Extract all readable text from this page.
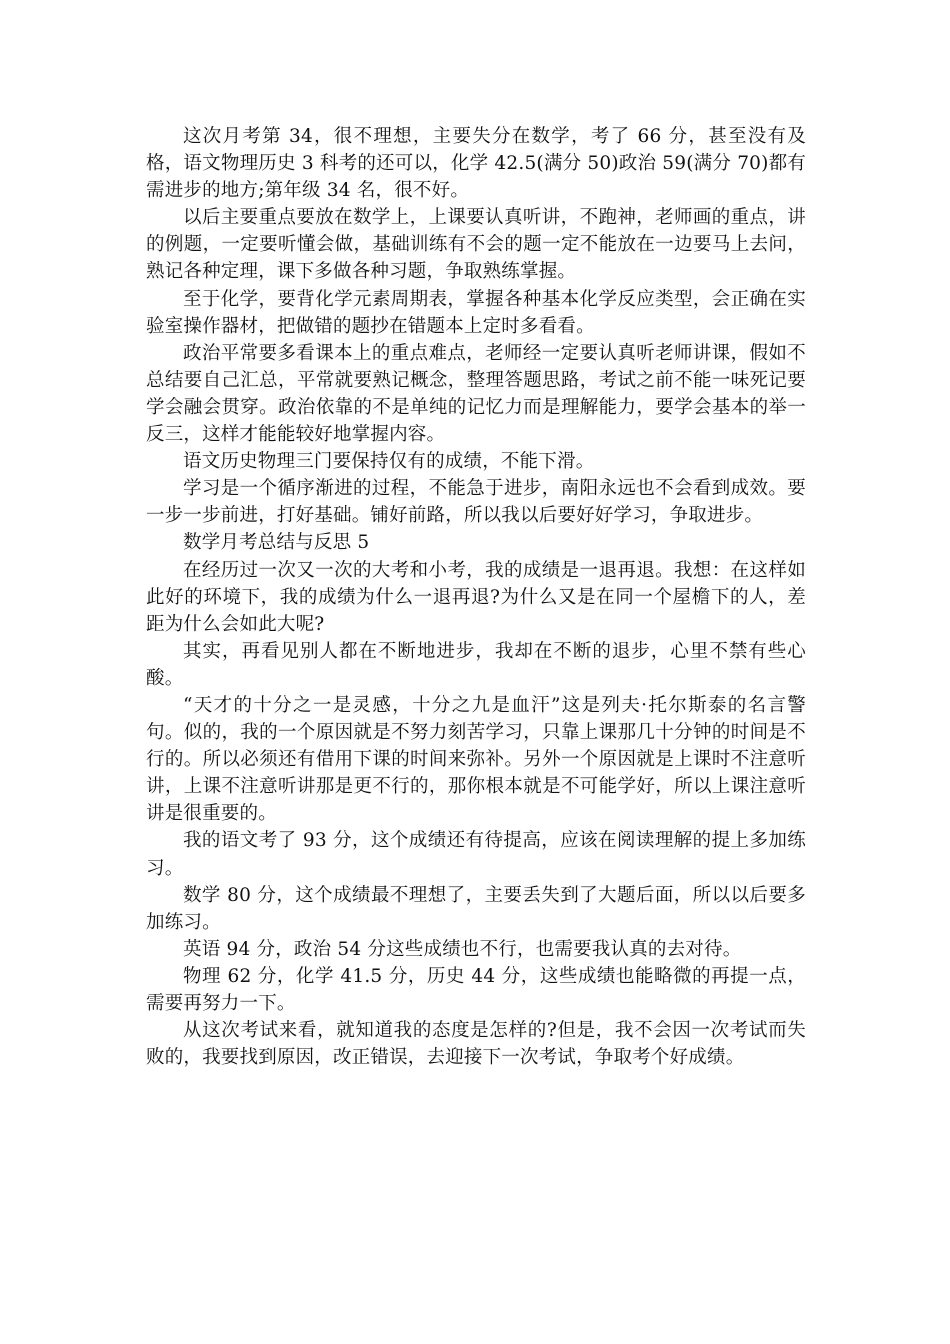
这次月考第 34，很不理想，主要失分在数学，考了 66 分，甚至没有及格，语文物理历史 3 科考的还可以，化学 42.5(满分 50)政治 59(满分 70)都有需进步的地方;第年级 34 名，很不好。

以后主要重点要放在数学上，上课要认真听讲，不跑神，老师画的重点，讲的例题，一定要听懂会做，基础训练有不会的题一定不能放在一边要马上去问，熟记各种定理，课下多做各种习题，争取熟练掌握。

至于化学，要背化学元素周期表，掌握各种基本化学反应类型，会正确在实验室操作器材，把做错的题抄在错题本上定时多看看。

政治平常要多看课本上的重点难点，老师经一定要认真听老师讲课，假如不总结要自己汇总，平常就要熟记概念，整理答题思路，考试之前不能一味死记要学会融会贯穿。政治依靠的不是单纯的记忆力而是理解能力，要学会基本的举一反三，这样才能能较好地掌握内容。

语文历史物理三门要保持仅有的成绩，不能下滑。

学习是一个循序渐进的过程，不能急于进步，南阳永远也不会看到成效。要一步一步前进，打好基础。铺好前路，所以我以后要好好学习，争取进步。

数学月考总结与反思 5

在经历过一次又一次的大考和小考，我的成绩是一退再退。我想：在这样如此好的环境下，我的成绩为什么一退再退?为什么又是在同一个屋檐下的人，差距为什么会如此大呢?

其实，再看见别人都在不断地进步，我却在不断的退步，心里不禁有些心酸。

“天才的十分之一是灵感，十分之九是血汗”这是列夫·托尔斯泰的名言警句。似的，我的一个原因就是不努力刻苦学习，只靠上课那几十分钟的时间是不行的。所以必须还有借用下课的时间来弥补。另外一个原因就是上课时不注意听讲，上课不注意听讲那是更不行的，那你根本就是不可能学好，所以上课注意听讲是很重要的。

我的语文考了 93 分，这个成绩还有待提高，应该在阅读理解的提上多加练习。

数学 80 分，这个成绩最不理想了，主要丢失到了大题后面，所以以后要多加练习。

英语 94 分，政治 54 分这些成绩也不行，也需要我认真的去对待。

物理 62 分，化学 41.5 分，历史 44 分，这些成绩也能略微的再提一点，需要再努力一下。

从这次考试来看，就知道我的态度是怎样的?但是，我不会因一次考试而失败的，我要找到原因，改正错误，去迎接下一次考试，争取考个好成绩。
